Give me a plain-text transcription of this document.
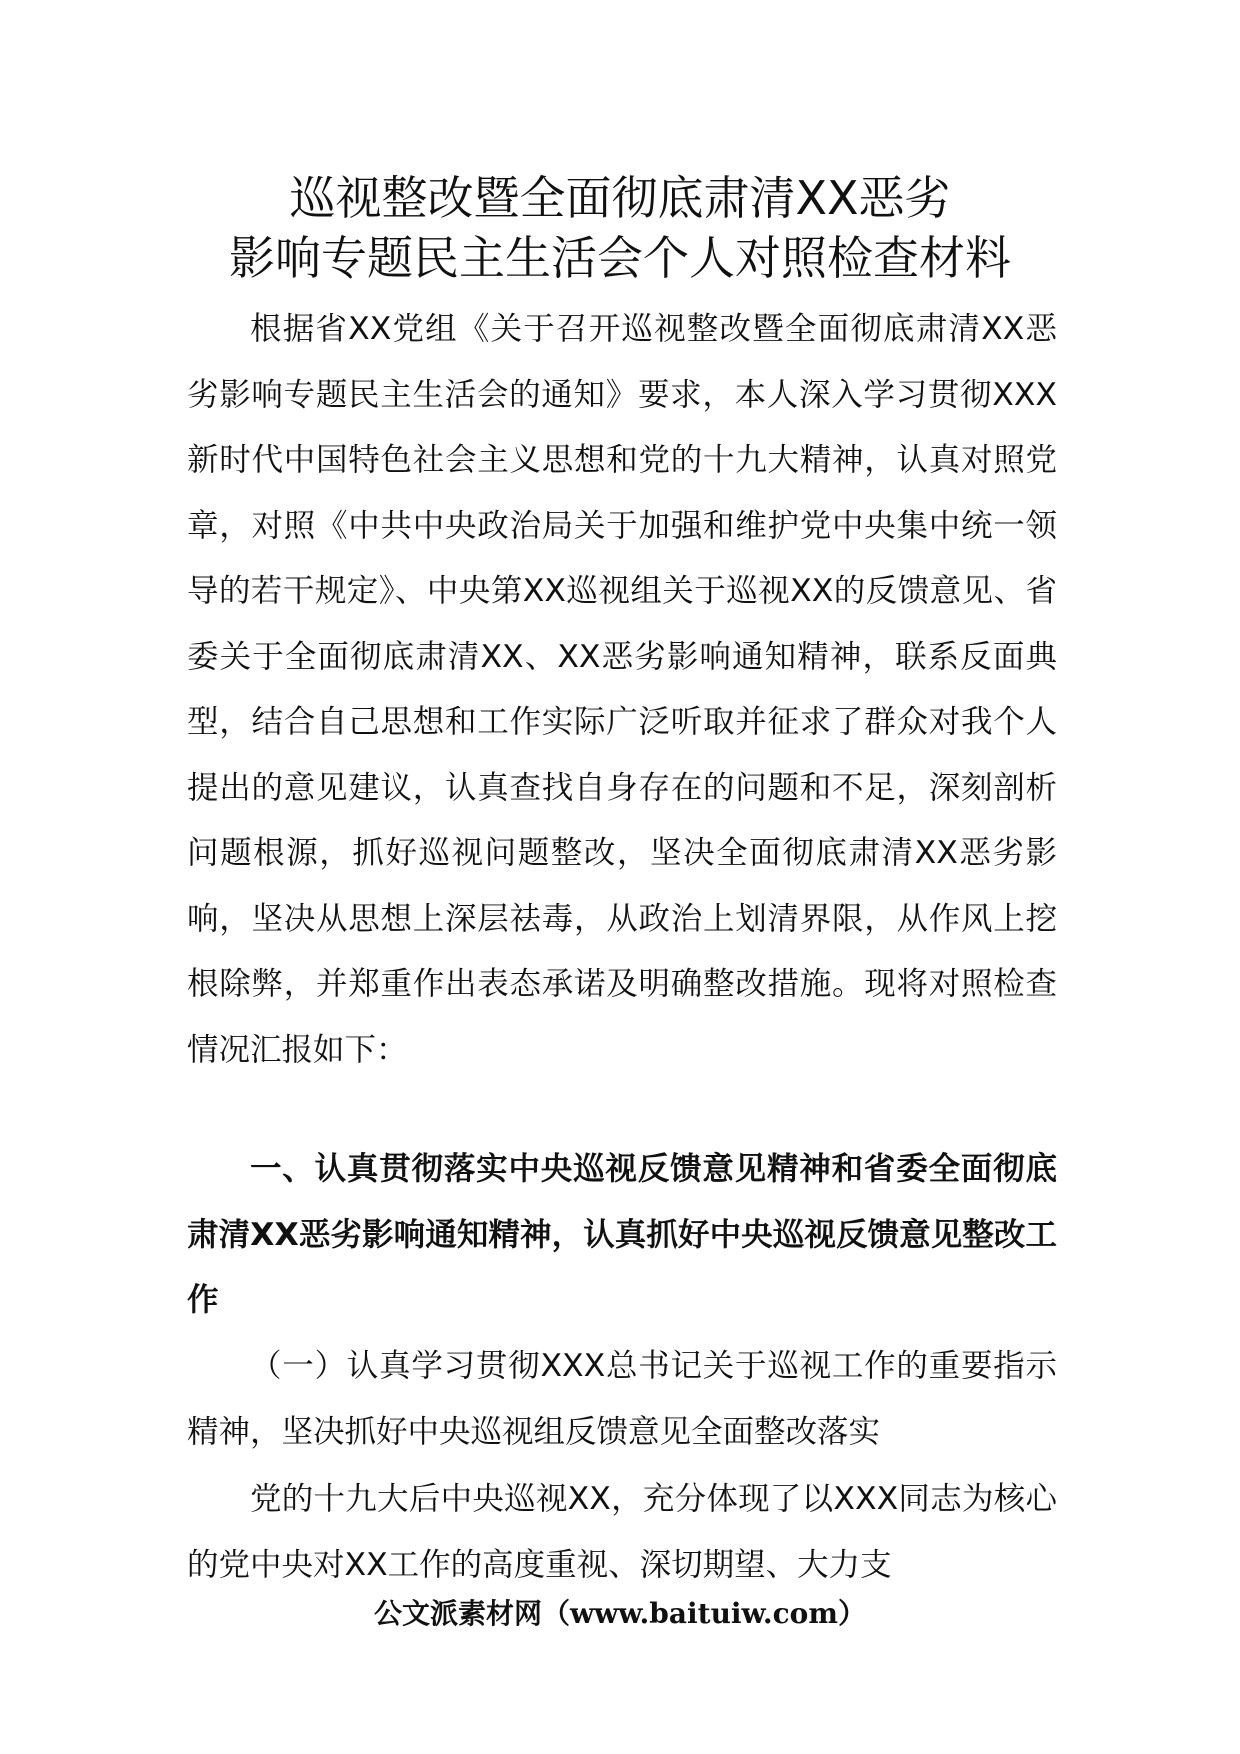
巡视整改暨全面彻底肃清XX恶劣
影响专题民主生活会个人对照检查材料

根据省XX党组《关于召开巡视整改暨全面彻底肃清XX恶劣影响专题民主生活会的通知》要求，本人深入学习贯彻XXX新时代中国特色社会主义思想和党的十九大精神，认真对照党章，对照《中共中央政治局关于加强和维护党中央集中统一领导的若干规定》、中央第XX巡视组关于巡视XX的反馈意见、省委关于全面彻底肃清XX、XX恶劣影响通知精神，联系反面典型，结合自己思想和工作实际广泛听取并征求了群众对我个人提出的意见建议，认真查找自身存在的问题和不足，深刻剖析问题根源，抓好巡视问题整改，坚决全面彻底肃清XX恶劣影响，坚决从思想上深层祛毒，从政治上划清界限，从作风上挖根除弊，并郑重作出表态承诺及明确整改措施。现将对照检查情况汇报如下：

一、认真贯彻落实中央巡视反馈意见精神和省委全面彻底肃清XX恶劣影响通知精神，认真抓好中央巡视反馈意见整改工作

（一）认真学习贯彻XXX总书记关于巡视工作的重要指示精神，坚决抓好中央巡视组反馈意见全面整改落实

党的十九大后中央巡视XX，充分体现了以XXX同志为核心的党中央对XX工作的高度重视、深切期望、大力支

公文派素材网（www.baituiw.com）
